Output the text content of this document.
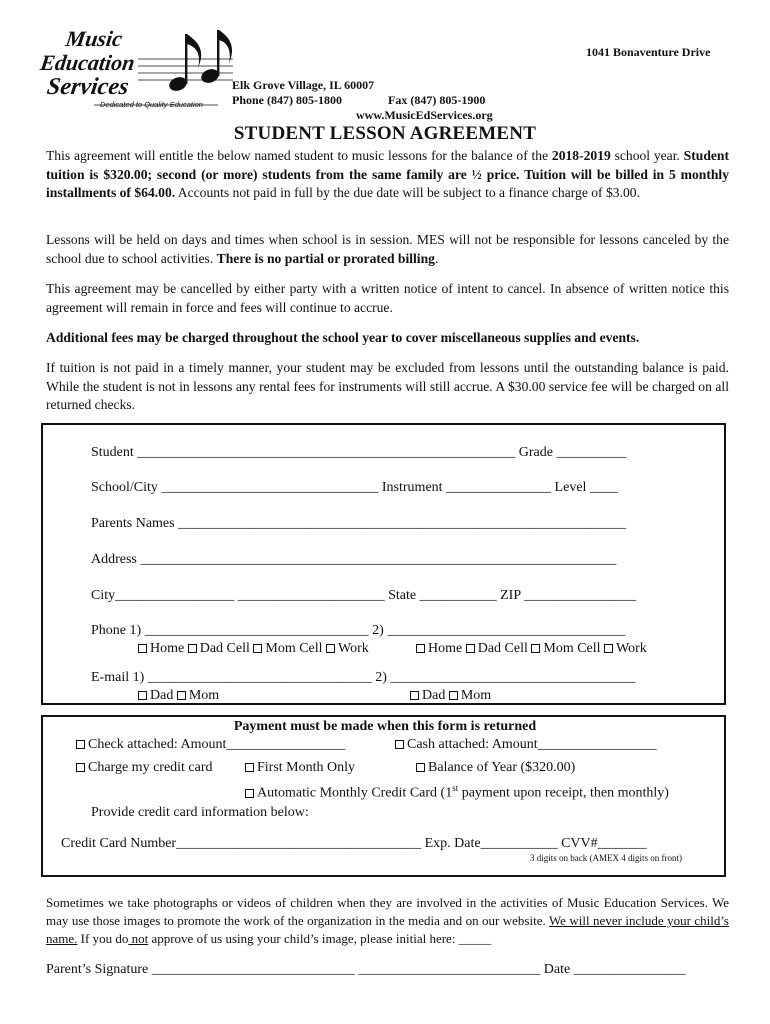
Music
Education
Services
Dedicated to Quality Education
1041 Bonaventure Drive
Elk Grove Village, IL 60007
Phone (847) 805-1800	Fax (847) 805-1900
www.MusicEdServices.org
STUDENT LESSON AGREEMENT
This agreement will entitle the below named student to music lessons for the balance of the 2018-2019 school year. Student tuition is $320.00; second (or more) students from the same family are ½ price. Tuition will be billed in 5 monthly installments of $64.00. Accounts not paid in full by the due date will be subject to a finance charge of $3.00.
Lessons will be held on days and times when school is in session. MES will not be responsible for lessons canceled by the school due to school activities. There is no partial or prorated billing.
This agreement may be cancelled by either party with a written notice of intent to cancel. In absence of written notice this agreement will remain in force and fees will continue to accrue.
Additional fees may be charged throughout the school year to cover miscellaneous supplies and events.
If tuition is not paid in a timely manner, your student may be excluded from lessons until the outstanding balance is paid. While the student is not in lessons any rental fees for instruments will still accrue. A $30.00 service fee will be charged on all returned checks.
Student ______________________________________________________ Grade __________
School/City _______________________________ Instrument _______________ Level ____
Parents Names ________________________________________________________________
Address ____________________________________________________________________
City_________________ _____________________ State ___________ ZIP ________________
Phone 1) ________________________________ 2) __________________________________
Home Dad Cell Mom Cell Work	Home Dad Cell Mom Cell Work
E-mail 1) ________________________________ 2) ___________________________________
Dad Mom	Dad Mom
Payment must be made when this form is returned
Check attached: Amount_________________	Cash attached: Amount_________________
Charge my credit card	First Month Only	Balance of Year ($320.00)
Automatic Monthly Credit Card (1st payment upon receipt, then monthly)
Provide credit card information below:
Credit Card Number___________________________________ Exp. Date___________ CVV#_______
3 digits on back (AMEX 4 digits on front)
Sometimes we take photographs or videos of children when they are involved in the activities of Music Education Services. We may use those images to promote the work of the organization in the media and on our website. We will never include your child’s name. If you do not approve of us using your child’s image, please initial here: _____
Parent’s Signature _____________________________ __________________________ Date ________________
